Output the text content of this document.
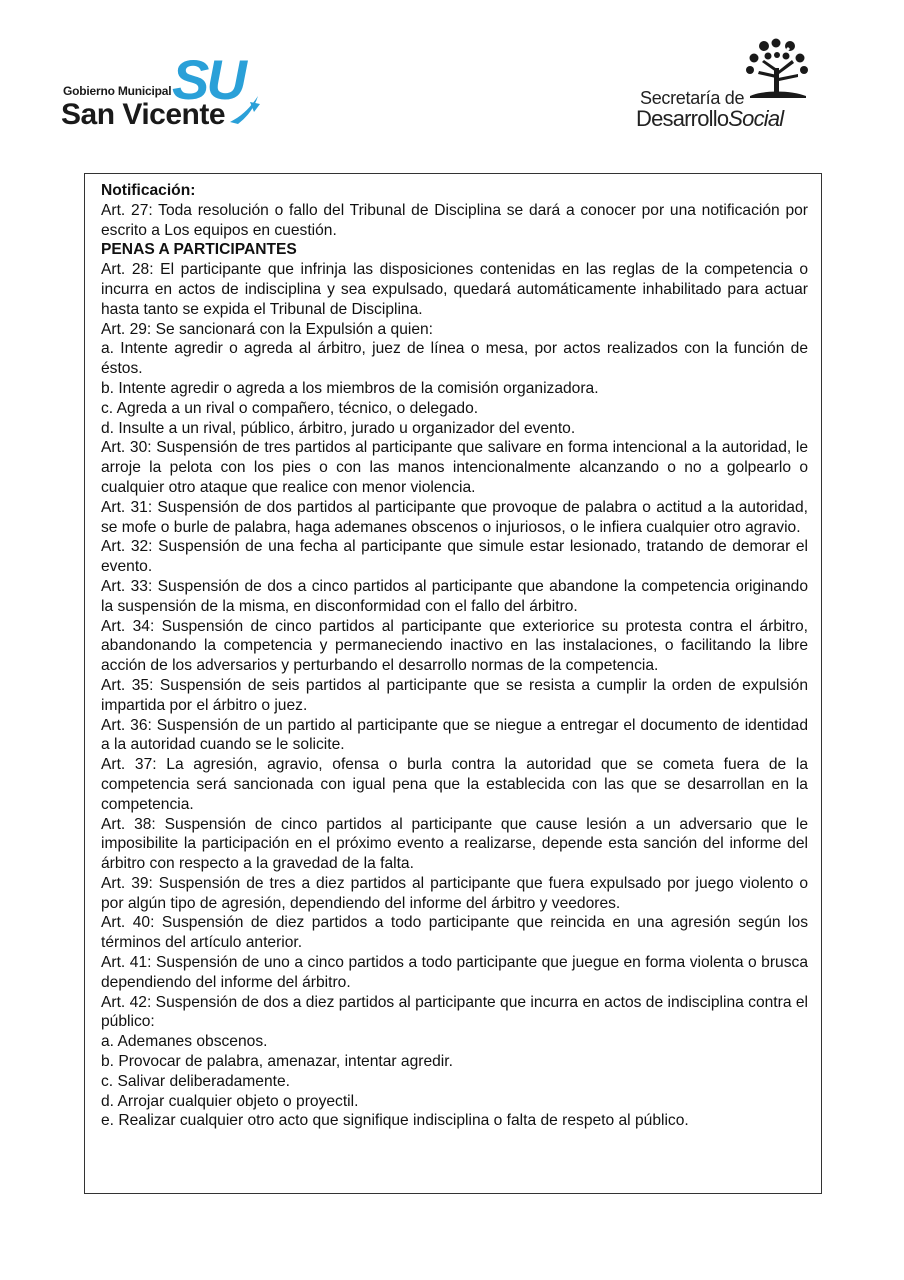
Gobierno Municipal
San Vicente
SU	Secretaría de
DesarrolloSocial

Notificación:

Art. 27: Toda resolución o fallo del Tribunal de Disciplina se dará a conocer por una notificación por escrito a Los equipos en cuestión.

PENAS A PARTICIPANTES

Art. 28: El participante que infrinja las disposiciones contenidas en las reglas de la competencia o incurra en actos de indisciplina y sea expulsado, quedará automáticamente inhabilitado para actuar hasta tanto se expida el Tribunal de Disciplina.

Art. 29: Se sancionará con la Expulsión a quien:

a. Intente agredir o agreda al árbitro, juez de línea o mesa, por actos realizados con la función de éstos.

b. Intente agredir o agreda a los miembros de la comisión organizadora.

c. Agreda a un rival o compañero, técnico, o delegado.

d. Insulte a un rival, público, árbitro, jurado u organizador del evento.

Art. 30: Suspensión de tres partidos al participante que salivare en forma intencional a la autoridad, le arroje la pelota con los pies o con las manos intencionalmente alcanzando o no a golpearlo o cualquier otro ataque que realice con menor violencia.

Art. 31: Suspensión de dos partidos al participante que provoque de palabra o actitud a la autoridad, se mofe o burle de palabra, haga ademanes obscenos o injuriosos, o le infiera cualquier otro agravio.

Art. 32: Suspensión de una fecha al participante que simule estar lesionado, tratando de demorar el evento.

Art. 33: Suspensión de dos a cinco partidos al participante que abandone la competencia originando la suspensión de la misma, en disconformidad con el fallo del árbitro.

Art. 34: Suspensión de cinco partidos al participante que exteriorice su protesta contra el árbitro, abandonando la competencia y permaneciendo inactivo en las instalaciones, o facilitando la libre acción de los adversarios y perturbando el desarrollo normas de la competencia.

Art. 35: Suspensión de seis partidos al participante que se resista a cumplir la orden de expulsión impartida por el árbitro o juez.

Art. 36: Suspensión de un partido al participante que se niegue a entregar el documento de identidad a la autoridad cuando se le solicite.

Art. 37: La agresión, agravio, ofensa o burla contra la autoridad que se cometa fuera de la competencia será sancionada con igual pena que la establecida con las que se desarrollan en la competencia.

Art. 38: Suspensión de cinco partidos al participante que cause lesión a un adversario que le imposibilite la participación en el próximo evento a realizarse, depende esta sanción del informe del árbitro con respecto a la gravedad de la falta.

Art. 39: Suspensión de tres a diez partidos al participante que fuera expulsado por juego violento o por algún tipo de agresión, dependiendo del informe del árbitro y veedores.

Art. 40: Suspensión de diez partidos a todo participante que reincida en una agresión según los términos del artículo anterior.

Art. 41: Suspensión de uno a cinco partidos a todo participante que juegue en forma violenta o brusca dependiendo del informe del árbitro.

Art. 42: Suspensión de dos a diez partidos al participante que incurra en actos de indisciplina contra el público:

a. Ademanes obscenos.

b. Provocar de palabra, amenazar, intentar agredir.

c. Salivar deliberadamente.

d. Arrojar cualquier objeto o proyectil.

e. Realizar cualquier otro acto que signifique indisciplina o falta de respeto al público.
